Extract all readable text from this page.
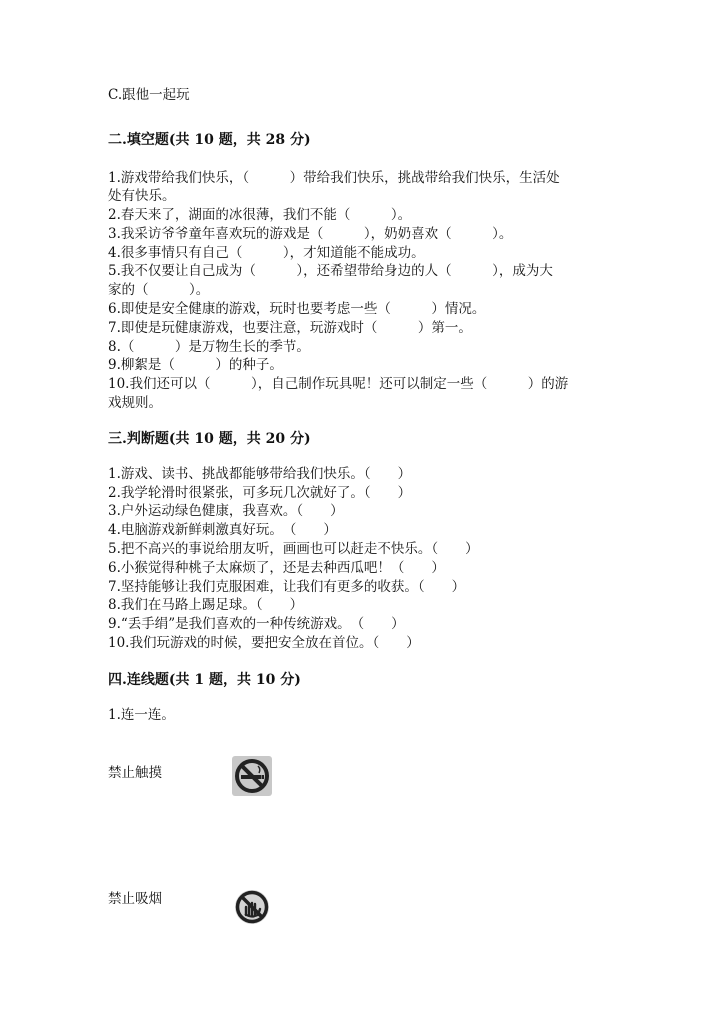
C.跟他一起玩

二.填空题(共 10 题，共 28 分)

1.游戏带给我们快乐，（　　　）带给我们快乐，挑战带给我们快乐，生活处

处有快乐。

2.春天来了，湖面的冰很薄，我们不能（　　　）。

3.我采访爷爷童年喜欢玩的游戏是（　　　），奶奶喜欢（　　　）。

4.很多事情只有自己（　　　），才知道能不能成功。

5.我不仅要让自己成为（　　　），还希望带给身边的人（　　　），成为大

家的（　　　）。

6.即使是安全健康的游戏，玩时也要考虑一些（　　　）情况。

7.即使是玩健康游戏，也要注意，玩游戏时（　　　）第一。

8.（　　　）是万物生长的季节。

9.柳絮是（　　　）的种子。

10.我们还可以（　　　），自己制作玩具呢！还可以制定一些（　　　）的游

戏规则。

三.判断题(共 10 题，共 20 分)

1.游戏、读书、挑战都能够带给我们快乐。（　　）

2.我学轮滑时很紧张，可多玩几次就好了。（　　）

3.户外运动绿色健康，我喜欢。（　　）

4.电脑游戏新鲜刺激真好玩。　（　　）

5.把不高兴的事说给朋友听，画画也可以赶走不快乐。（　　）

6.小猴觉得种桃子太麻烦了，还是去种西瓜吧！（　　）

7.坚持能够让我们克服困难，让我们有更多的收获。（　　）

8.我们在马路上踢足球。（　　）

9.“丢手绢”是我们喜欢的一种传统游戏。　（　　）

10.我们玩游戏的时候，要把安全放在首位。（　　）

四.连线题(共 1 题，共 10 分)

1.连一连。

禁止触摸

禁止吸烟
